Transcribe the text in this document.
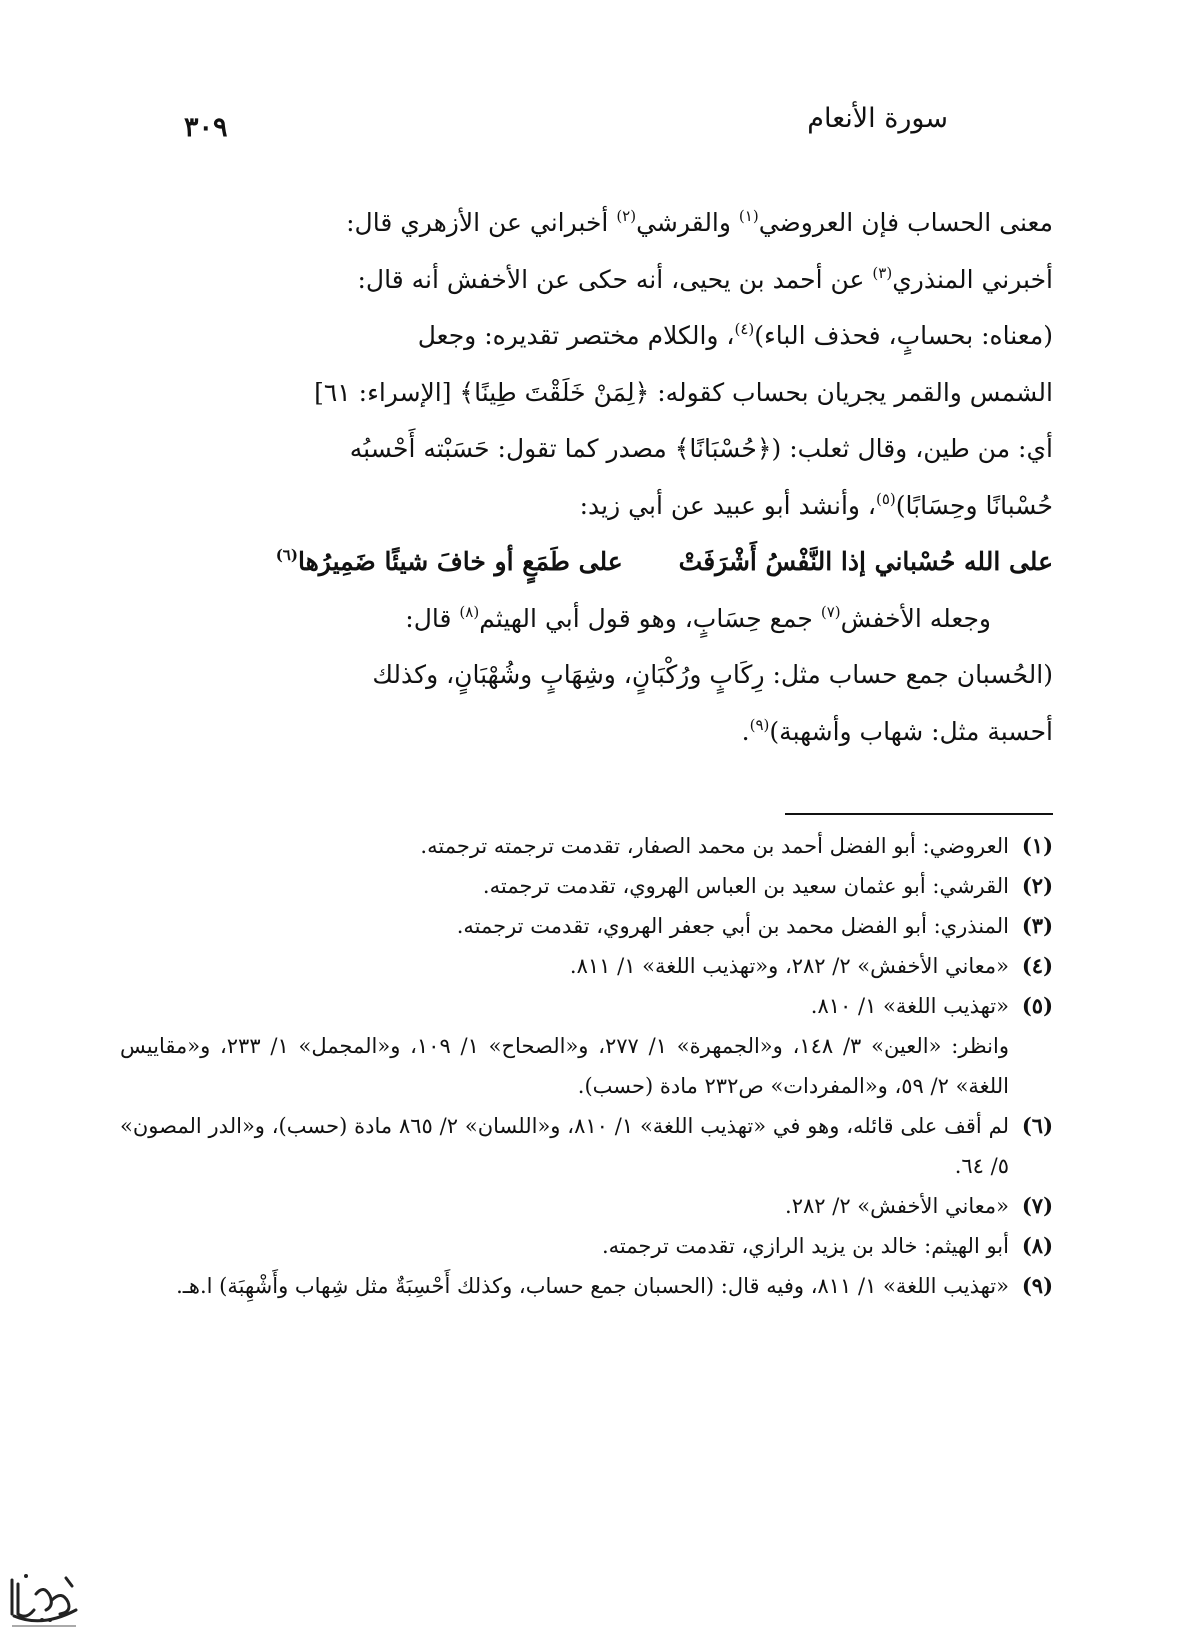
سورة الأنعام
٣٠٩

معنى الحساب فإن العروضي$^{(١)}$ والقرشي$^{(٢)}$ أخبراني عن الأزهري قال:

أخبرني المنذري$^{(٣)}$ عن أحمد بن يحيى، أنه حكى عن الأخفش أنه قال:

(معناه: بحسابٍ، فحذف الباء)$^{(٤)}$، والكلام مختصر تقديره: وجعل

الشمس والقمر يجريان بحساب كقوله: ﴿لِمَنْ خَلَقْتَ طِينًا﴾ [الإسراء: ٦١]

أي: من طين، وقال ثعلب: (﴿حُسْبَانًا﴾ مصدر كما تقول: حَسَبْته أَحْسبُه

حُسْبانًا وحِسَابًا)$^{(٥)}$، وأنشد أبو عبيد عن أبي زيد:

على الله حُسْباني إذا النَّفْسُ أَشْرَفَتْ
على طَمَعٍ أو خافَ شيئًا ضَمِيرُها$^{(٦)}$

وجعله الأخفش$^{(٧)}$ جمع حِسَابٍ، وهو قول أبي الهيثم$^{(٨)}$ قال:

(الحُسبان جمع حساب مثل: رِكَابٍ ورُكْبَانٍ، وشِهَابٍ وشُهْبَانٍ، وكذلك

أحسبة مثل: شهاب وأشهبة)$^{(٩)}$.

(١)
العروضي: أبو الفضل أحمد بن محمد الصفار، تقدمت ترجمته ترجمته.
(٢)
القرشي: أبو عثمان سعيد بن العباس الهروي، تقدمت ترجمته.
(٣)
المنذري: أبو الفضل محمد بن أبي جعفر الهروي، تقدمت ترجمته.
(٤)
«معاني الأخفش» ٢/ ٢٨٢، و«تهذيب اللغة» ١/ ٨١١.
(٥)
«تهذيب اللغة» ١/ ٨١٠.
وانظر: «العين» ٣/ ١٤٨، و«الجمهرة» ١/ ٢٧٧، و«الصحاح» ١/ ١٠٩، و«المجمل» ١/ ٢٣٣، و«مقاييس اللغة» ٢/ ٥٩، و«المفردات» ص٢٣٢ مادة (حسب).
(٦)
لم أقف على قائله، وهو في «تهذيب اللغة» ١/ ٨١٠، و«اللسان» ٢/ ٨٦٥ مادة (حسب)، و«الدر المصون» ٥/ ٦٤.
(٧)
«معاني الأخفش» ٢/ ٢٨٢.
(٨)
أبو الهيثم: خالد بن يزيد الرازي، تقدمت ترجمته.
(٩)
«تهذيب اللغة» ١/ ٨١١، وفيه قال: (الحسبان جمع حساب، وكذلك أَحْسِبَةٌ مثل شِهاب وأَشْهِبَة) ا.هـ.
